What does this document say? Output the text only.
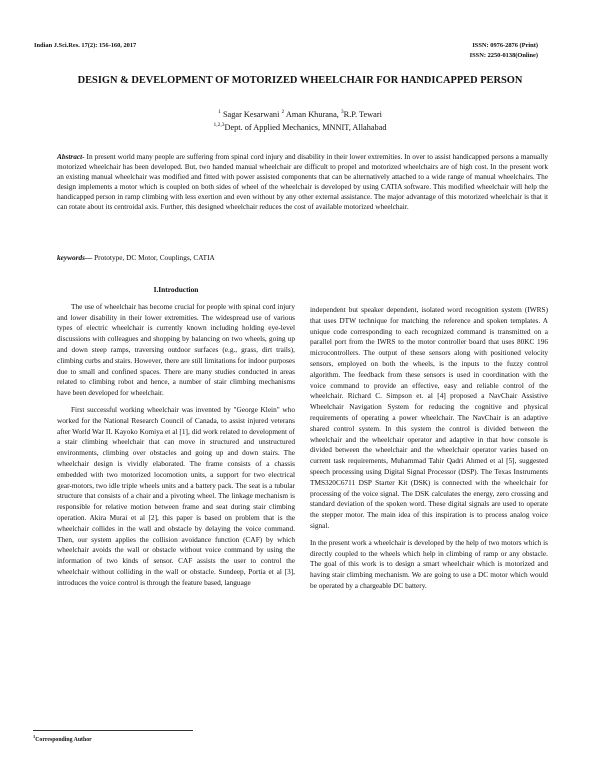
Indian J.Sci.Res. 17(2): 156-160, 2017	ISSN: 0976-2876 (Print)
ISSN: 2250-0138(Online)
DESIGN & DEVELOPMENT OF MOTORIZED WHEELCHAIR FOR HANDICAPPED PERSON
$^1$ Sagar Kesarwani $^2$ Aman Khurana, $^3$R.P. Tewari
$^{1,2,3}$Dept. of Applied Mechanics, MNNIT, Allahabad
Abstract- In present world many people are suffering from spinal cord injury and disability in their lower extremities. In over to assist handicapped persons a manually motorized wheelchair has been developed. But, two handed manual wheelchair are difficult to propel and motorized wheelchairs are of high cost. In the present work an existing manual wheelchair was modified and fitted with power assisted components that can be alternatively attached to a wide range of manual wheelchairs. The design implements a motor which is coupled on both sides of wheel of the wheelchair is developed by using CATIA software. This modified wheelchair will help the handicapped person in ramp climbing with less exertion and even without by any other external assistance. The major advantage of this motorized wheelchair is that it can rotate about its centroidal axis. Further, this designed wheelchair reduces the cost of available motorized wheelchair.
keywords— Prototype, DC Motor, Couplings, CATIA
I.Introduction

The use of wheelchair has become crucial for people with spinal cord injury and lower disability in their lower extremities. The widespread use of various types of electric wheelchair is currently known including holding eye-level discussions with colleagues and shopping by balancing on two wheels, going up and down steep ramps, traversing outdoor surfaces (e.g., grass, dirt trails), climbing curbs and stairs. However, there are still limitations for indoor purposes due to small and confined spaces. There are many studies conducted in areas related to climbing robot and hence, a number of stair climbing mechanisms have been developed for wheelchair.

First successful working wheelchair was invented by "George Klein" who worked for the National Research Council of Canada, to assist injured veterans after World War II. Kayoko Komiya et al [1], did work related to development of a stair climbing wheelchair that can move in structured and unstructured environments, climbing over obstacles and going up and down stairs. The wheelchair design is vividly elaborated. The frame consists of a chassis embedded with two motorized locomotion units, a support for two electrical gear-motors, two idle triple wheels units and a battery pack. The seat is a tubular structure that consists of a chair and a pivoting wheel. The linkage mechanism is responsible for relative motion between frame and seat during stair climbing operation. Akira Murai et al [2], this paper is based on problem that is the wheelchair collides in the wall and obstacle by delaying the voice command. Then, our system applies the collision avoidance function (CAF) by which wheelchair avoids the wall or obstacle without voice command by using the information of two kinds of sensor. CAF assists the user to control the wheelchair without colliding in the wall or obstacle. Sundeep, Portia et al [3], introduces the voice control is through the feature based, language

independent but speaker dependent, isolated word recognition system (IWRS) that uses DTW technique for matching the reference and spoken templates. A unique code corresponding to each recognized command is transmitted on a parallel port from the IWRS to the motor controller board that uses 80KC 196 microcontrollers. The output of these sensors along with positioned velocity sensors, employed on both the wheels, is the inputs to the fuzzy control algorithm. The feedback from these sensors is used in coordination with the voice command to provide an effective, easy and reliable control of the wheelchair. Richard C. Simpson et. al [4] proposed a NavChair Assistive Wheelchair Navigation System for reducing the cognitive and physical requirements of operating a power wheelchair. The NavChair is an adaptive shared control system. In this system the control is divided between the wheelchair and the wheelchair operator and adaptive in that how console is divided between the wheelchair and the wheelchair operator varies based on current task requirements, Muhammad Tahir Qadri Ahmed et al [5], suggested speech processing using Digital Signal Processor (DSP). The Texas Instruments TMS320C6711 DSP Starter Kit (DSK) is connected with the wheelchair for processing of the voice signal. The DSK calculates the energy, zero crossing and standard deviation of the spoken word. These digital signals are used to operate the stepper motor. The main idea of this inspiration is to process analog voice signal.

In the present work a wheelchair is developed by the help of two motors which is directly coupled to the wheels which help in climbing of ramp or any obstacle. The goal of this work is to design a smart wheelchair which is motorized and having stair climbing mechanism. We are going to use a DC motor which would be operated by a chargeable DC battery.

$^1$Corresponding Author
